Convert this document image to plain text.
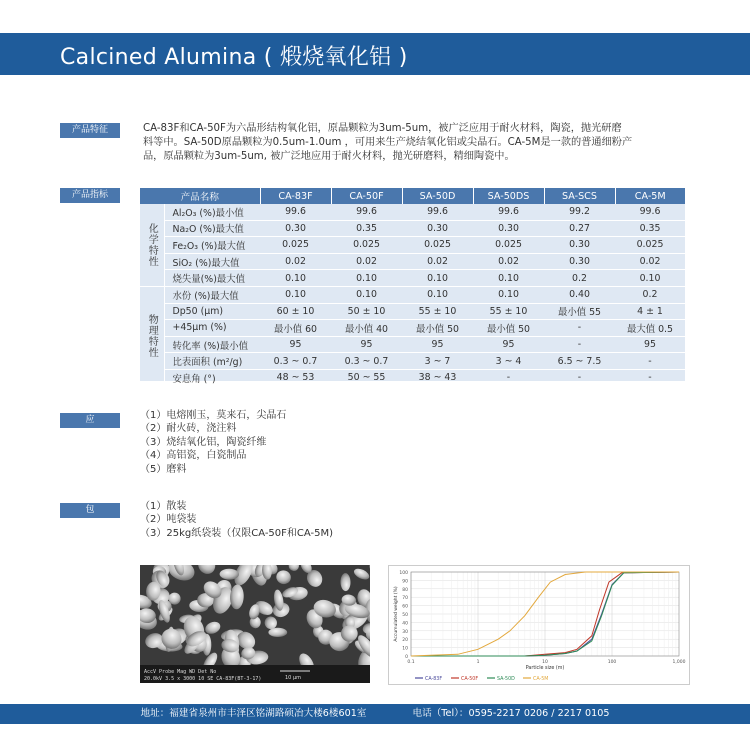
Calcined Alumina ( 煅烧氧化铝 )
产品特征	CA-83F和CA-50F为六晶形结构氧化铝，原晶颗粒为3um-5um，被广泛应用于耐火材料，陶瓷，抛光研磨

料等中。SA-50D原晶颗粒为0.5um-1.0um ，可用来生产烧结氧化铝或尖晶石。CA-5M是一款的普通细粉产

品，原晶颗粒为3um-5um, 被广泛地应用于耐火材料，抛光研磨料，精细陶瓷中。

产品指标	产品名称		CA-83F	CA-50F	SA-50D	SA-50DS	SA-SCS	CA-5M
化学特性	Al₂O₃ (%)最小值	99.6	99.6	99.6	99.6	99.2	99.6
	Na₂O (%)最大值	0.30	0.35	0.30	0.30	0.27	0.35
	Fe₂O₃ (%)最大值	0.025	0.025	0.025	0.025	0.30	0.025
	SiO₂ (%)最大值	0.02	0.02	0.02	0.02	0.30	0.02
	烧失量(%)最大值	0.10	0.10	0.10	0.10	0.2	0.10
物理特性	水份 (%)最大值	0.10	0.10	0.10	0.10	0.40	0.2
	Dp50 (μm)	60 ± 10	50 ± 10	55 ± 10	55 ± 10	最小值 55	4 ± 1
	+45μm (%)	最小值 60	最小值 40	最小值 50	最小值 50	-	最大值 0.5
	转化率 (%)最小值	95	95	95	95	-	95
	比表面积 (m²/g)	0.3 ~ 0.7	0.3 ~ 0.7	3 ~ 7	3 ~ 4	6.5 ~ 7.5	-
	安息角 (°)	48 ~ 53	50 ~ 55	38 ~ 43	-	-	-
应 用
（1）电熔刚玉，莫来石，尖晶石
（2）耐火砖，浇注料
（3）烧结氧化铝，陶瓷纤维
（4）高铝瓷，白瓷制品
（5）磨料
包 装
（1）散装
（2）吨袋装
（3）25kg纸袋装（仅限CA-50F和CA-5M)
AccV Probe Mag WD Det No
20.0kV 3.5 x 3000 10 SE CA-83F(BT-3-17)	10 μm
0
10
20
30
40
50
60
70
80
90
100
0.1	1	10	100	1,000
Particle size (m)
Accumulated weight (%)
CA-83F	CA-50F	SA-50D	CA-5M
地址：福建省泉州市丰泽区铭湖路硕冶大楼6楼601室	电话（Tel）：0595-2217 0206 / 2217 0105
